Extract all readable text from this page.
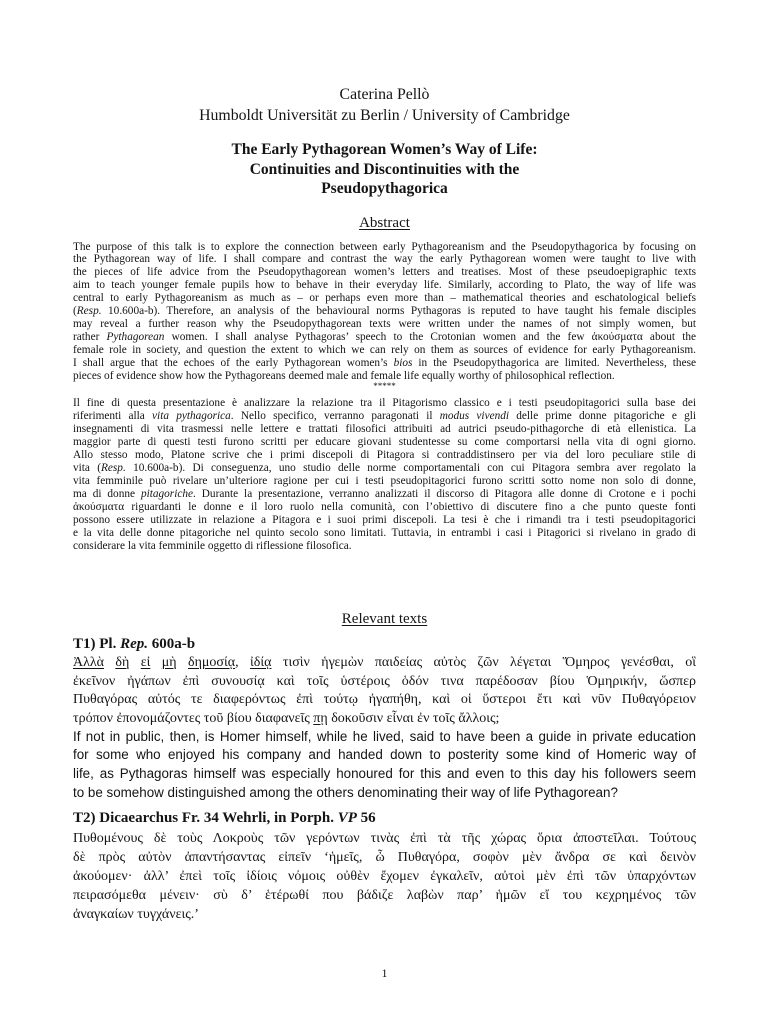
Caterina Pellò
Humboldt Universität zu Berlin / University of Cambridge
The Early Pythagorean Women’s Way of Life:
Continuities and Discontinuities with the
Pseudopythagorica
Abstract
The purpose of this talk is to explore the connection between early Pythagoreanism and the Pseudopythagorica by focusing on
the Pythagorean way of life. I shall compare and contrast the way the early Pythagorean women were taught to live with
the pieces of life advice from the Pseudopythagorean women’s letters and treatises. Most of these pseudoepigraphic texts
aim to teach younger female pupils how to behave in their everyday life. Similarly, according to Plato, the way of life was
central to early Pythagoreanism as much as – or perhaps even more than – mathematical theories and eschatological beliefs
(Resp. 10.600a-b). Therefore, an analysis of the behavioural norms Pythagoras is reputed to have taught his female disciples
may reveal a further reason why the Pseudopythagorean texts were written under the names of not simply women, but
rather Pythagorean women. I shall analyse Pythagoras’ speech to the Crotonian women and the few ἀκούσματα about the
female role in society, and question the extent to which we can rely on them as sources of evidence for early Pythagoreanism.
I shall argue that the echoes of the early Pythagorean women’s bios in the Pseudopythagorica are limited. Nevertheless, these
pieces of evidence show how the Pythagoreans deemed male and female life equally worthy of philosophical reflection.
*****
Il fine di questa presentazione è analizzare la relazione tra il Pitagorismo classico e i testi pseudopitagorici sulla base dei
riferimenti alla vita pythagorica. Nello specifico, verranno paragonati il modus vivendi delle prime donne pitagoriche e gli
insegnamenti di vita trasmessi nelle lettere e trattati filosofici attribuiti ad autrici pseudo-pithagorche di età ellenistica. La
maggior parte di questi testi furono scritti per educare giovani studentesse su come comportarsi nella vita di ogni giorno.
Allo stesso modo, Platone scrive che i primi discepoli di Pitagora si contraddistinsero per via del loro peculiare stile di
vita (Resp. 10.600a-b). Di conseguenza, uno studio delle norme comportamentali con cui Pitagora sembra aver regolato la
vita femminile può rivelare un’ulteriore ragione per cui i testi pseudopitagorici furono scritti sotto nome non solo di donne,
ma di donne pitagoriche. Durante la presentazione, verranno analizzati il discorso di Pitagora alle donne di Crotone e i pochi
ἀκούσματα riguardanti le donne e il loro ruolo nella comunità, con l’obiettivo di discutere fino a che punto queste fonti
possono essere utilizzate in relazione a Pitagora e i suoi primi discepoli. La tesi è che i rimandi tra i testi pseudopitagorici
e la vita delle donne pitagoriche nel quinto secolo sono limitati. Tuttavia, in entrambi i casi i Pitagorici si rivelano in grado di
considerare la vita femminile oggetto di riflessione filosofica.
Relevant texts
T1) Pl. Rep. 600a-b
Ἀλλὰ δὴ εἰ μὴ δημοσίᾳ, ἰδίᾳ τισὶν ἡγεμὼν παιδείας αὐτὸς ζῶν λέγεται Ὅμηρος γενέσθαι, οἳ
ἐκεῖνον ἠγάπων ἐπὶ συνουσίᾳ καὶ τοῖς ὑστέροις ὁδόν τινα παρέδοσαν βίου Ὁμηρικήν, ὥσπερ
Πυθαγόρας αὐτός τε διαφερόντως ἐπὶ τούτῳ ἠγαπήθη, καὶ οἱ ὕστεροι ἔτι καὶ νῦν Πυθαγόρειον
τρόπον ἐπονομάζοντες τοῦ βίου διαφανεῖς πῃ δοκοῦσιν εἶναι ἐν τοῖς ἄλλοις;
If not in public, then, is Homer himself, while he lived, said to have been a guide in private education
for some who enjoyed his company and handed down to posterity some kind of Homeric way of
life, as Pythagoras himself was especially honoured for this and even to this day his followers seem
to be somehow distinguished among the others denominating their way of life Pythagorean?
T2) Dicaearchus Fr. 34 Wehrli, in Porph. VP 56
Πυθομένους δὲ τοὺς Λοκροὺς τῶν γερόντων τινὰς ἐπὶ τὰ τῆς χώρας ὅρια ἀποστεῖλαι. Τούτους
δὲ πρὸς αὐτὸν ἀπαντήσαντας εἰπεῖν ‘ἡμεῖς, ὦ Πυθαγόρα, σοφὸν μὲν ἄνδρα σε καὶ δεινὸν
ἀκούομεν· ἀλλ’ ἐπεὶ τοῖς ἰδίοις νόμοις οὐθὲν ἔχομεν ἐγκαλεῖν, αὐτοὶ μὲν ἐπὶ τῶν ὑπαρχόντων
πειρασόμεθα μένειν· σὺ δ’ ἑτέρωθί που βάδιζε λαβὼν παρ’ ἡμῶν εἴ του κεχρημένος τῶν
ἀναγκαίων τυγχάνεις.’
1
